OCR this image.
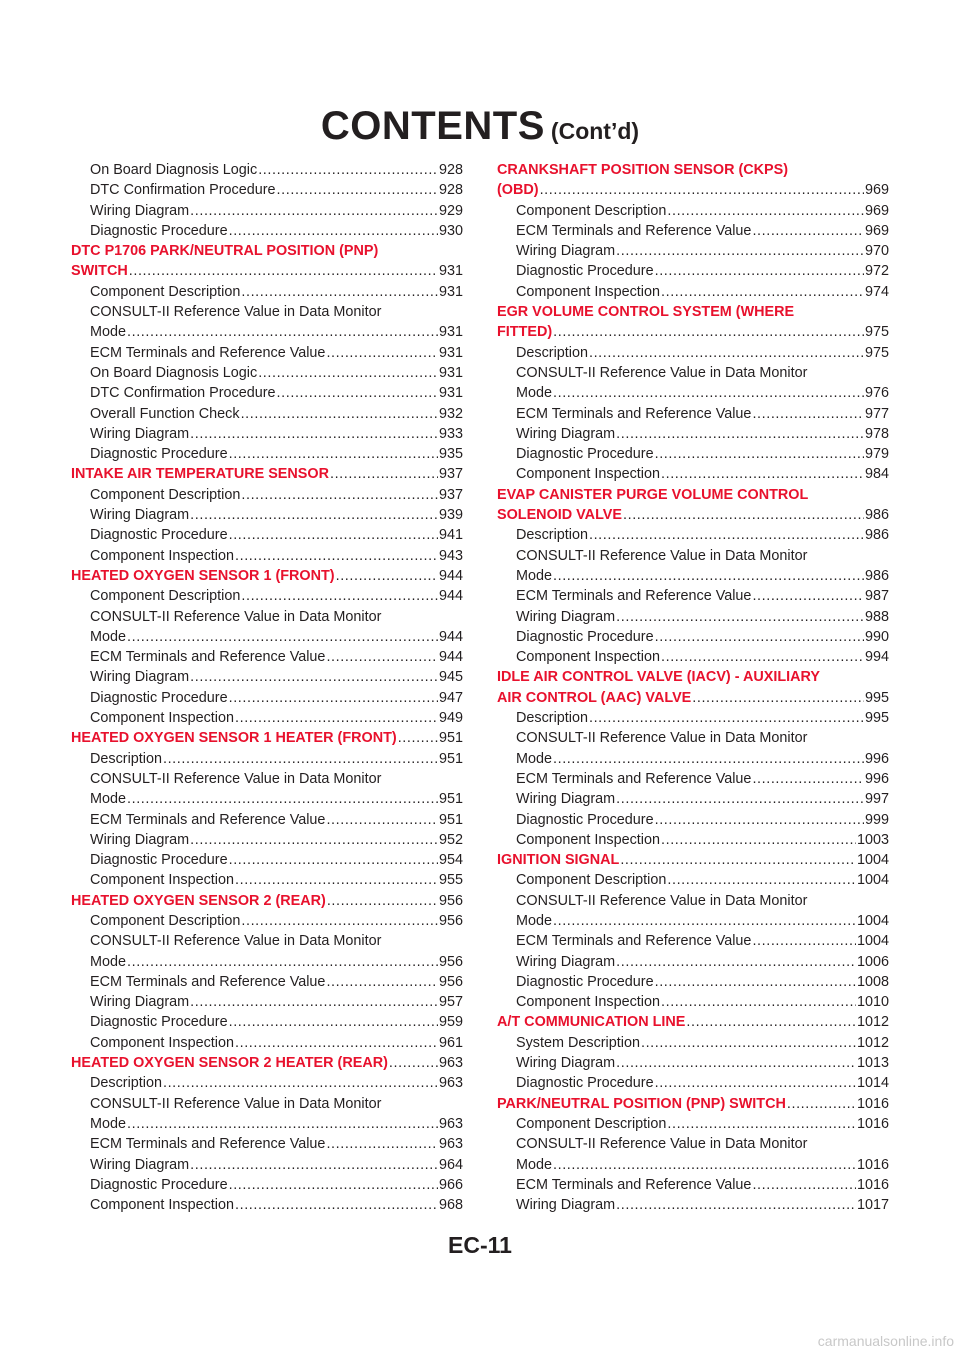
CONTENTS (Cont’d)
On Board Diagnosis Logic .....	928
DTC Confirmation Procedure .....	928
Wiring Diagram .....	929
Diagnostic Procedure .....	930
DTC P1706 PARK/NEUTRAL POSITION (PNP)
SWITCH .....	931
Component Description .....	931
CONSULT-II Reference Value in Data Monitor
Mode .....	931
ECM Terminals and Reference Value .....	931
On Board Diagnosis Logic .....	931
DTC Confirmation Procedure .....	931
Overall Function Check .....	932
Wiring Diagram .....	933
Diagnostic Procedure .....	935
INTAKE AIR TEMPERATURE SENSOR .....	937
Component Description .....	937
Wiring Diagram .....	939
Diagnostic Procedure .....	941
Component Inspection .....	943
HEATED OXYGEN SENSOR 1 (FRONT) .....	944
Component Description .....	944
CONSULT-II Reference Value in Data Monitor
Mode .....	944
ECM Terminals and Reference Value .....	944
Wiring Diagram .....	945
Diagnostic Procedure .....	947
Component Inspection .....	949
HEATED OXYGEN SENSOR 1 HEATER (FRONT) .....	951
Description .....	951
CONSULT-II Reference Value in Data Monitor
Mode .....	951
ECM Terminals and Reference Value .....	951
Wiring Diagram .....	952
Diagnostic Procedure .....	954
Component Inspection .....	955
HEATED OXYGEN SENSOR 2 (REAR) .....	956
Component Description .....	956
CONSULT-II Reference Value in Data Monitor
Mode .....	956
ECM Terminals and Reference Value .....	956
Wiring Diagram .....	957
Diagnostic Procedure .....	959
Component Inspection .....	961
HEATED OXYGEN SENSOR 2 HEATER (REAR) .....	963
Description .....	963
CONSULT-II Reference Value in Data Monitor
Mode .....	963
ECM Terminals and Reference Value .....	963
Wiring Diagram .....	964
Diagnostic Procedure .....	966
Component Inspection .....	968
CRANKSHAFT POSITION SENSOR (CKPS)
(OBD) .....	969
Component Description .....	969
ECM Terminals and Reference Value .....	969
Wiring Diagram .....	970
Diagnostic Procedure .....	972
Component Inspection .....	974
EGR VOLUME CONTROL SYSTEM (WHERE
FITTED) .....	975
Description .....	975
CONSULT-II Reference Value in Data Monitor
Mode .....	976
ECM Terminals and Reference Value .....	977
Wiring Diagram .....	978
Diagnostic Procedure .....	979
Component Inspection .....	984
EVAP CANISTER PURGE VOLUME CONTROL
SOLENOID VALVE .....	986
Description .....	986
CONSULT-II Reference Value in Data Monitor
Mode .....	986
ECM Terminals and Reference Value .....	987
Wiring Diagram .....	988
Diagnostic Procedure .....	990
Component Inspection .....	994
IDLE AIR CONTROL VALVE (IACV) - AUXILIARY
AIR CONTROL (AAC) VALVE .....	995
Description .....	995
CONSULT-II Reference Value in Data Monitor
Mode .....	996
ECM Terminals and Reference Value .....	996
Wiring Diagram .....	997
Diagnostic Procedure .....	999
Component Inspection .....	1003
IGNITION SIGNAL .....	1004
Component Description .....	1004
CONSULT-II Reference Value in Data Monitor
Mode .....	1004
ECM Terminals and Reference Value .....	1004
Wiring Diagram .....	1006
Diagnostic Procedure .....	1008
Component Inspection .....	1010
A/T COMMUNICATION LINE .....	1012
System Description .....	1012
Wiring Diagram .....	1013
Diagnostic Procedure .....	1014
PARK/NEUTRAL POSITION (PNP) SWITCH .....	1016
Component Description .....	1016
CONSULT-II Reference Value in Data Monitor
Mode .....	1016
ECM Terminals and Reference Value .....	1016
Wiring Diagram .....	1017
EC-11
carmanualsonline.info
